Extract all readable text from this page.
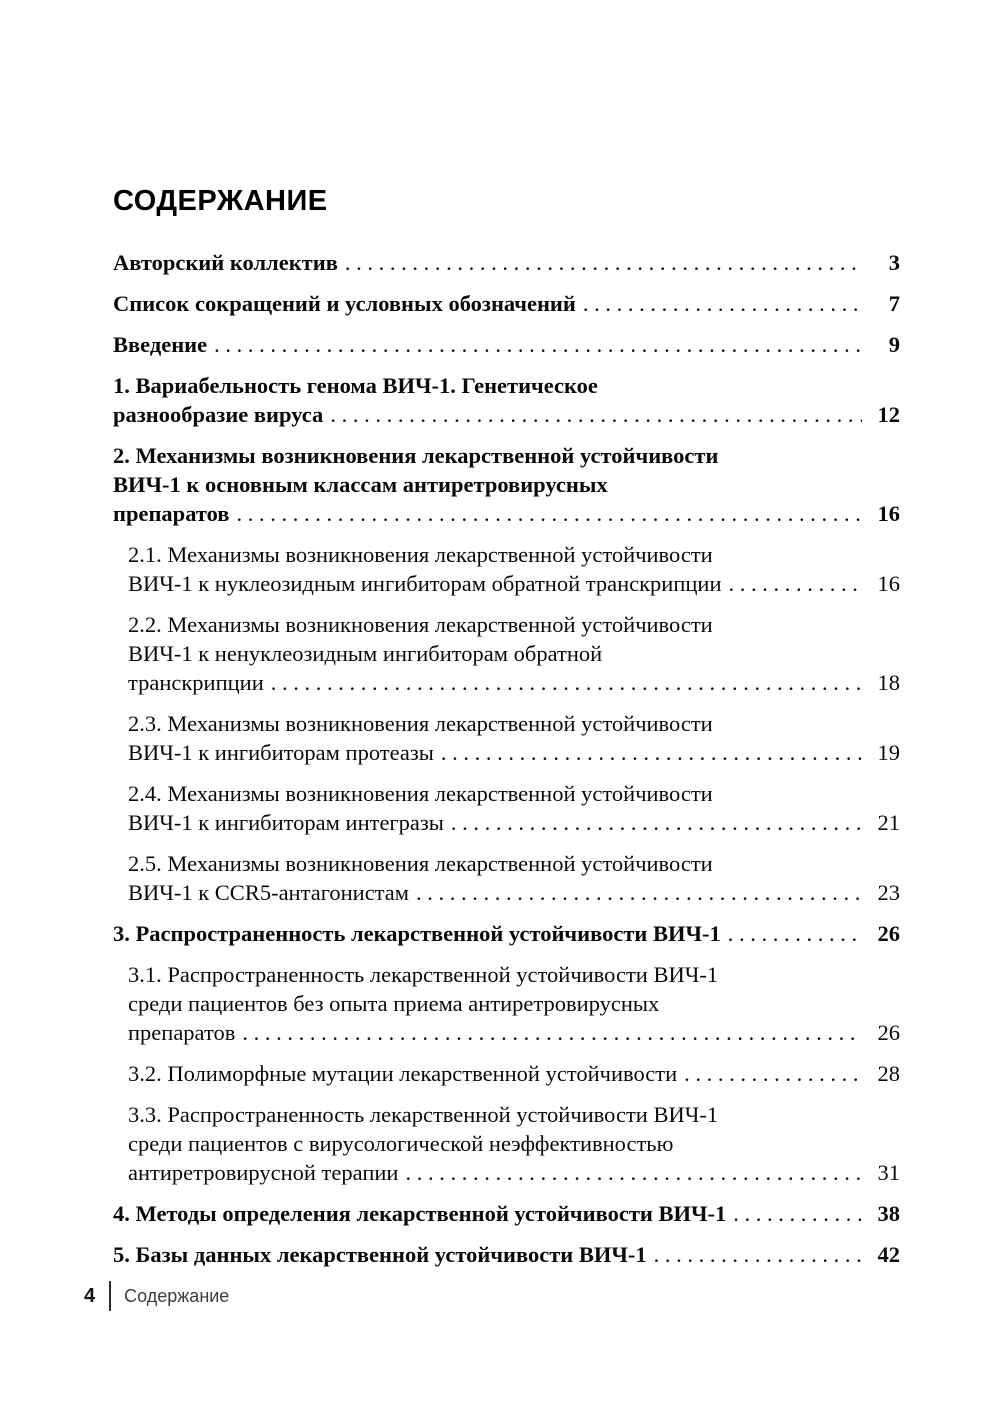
СОДЕРЖАНИЕ
Авторский коллектив . . .	3
Список сокращений и условных обозначений . . .	7
Введение . . .	9
1. Вариабельность генома ВИЧ-1. Генетическое
разнообразие вируса . . .	12
2. Механизмы возникновения лекарственной устойчивости
ВИЧ-1 к основным классам антиретровирусных
препаратов . . .	16
2.1. Механизмы возникновения лекарственной устойчивости
ВИЧ-1 к нуклеозидным ингибиторам обратной транскрипции . . .	16
2.2. Механизмы возникновения лекарственной устойчивости
ВИЧ-1 к ненуклеозидным ингибиторам обратной
транскрипции . . .	18
2.3. Механизмы возникновения лекарственной устойчивости
ВИЧ-1 к ингибиторам протеазы . . .	19
2.4. Механизмы возникновения лекарственной устойчивости
ВИЧ-1 к ингибиторам интегразы . . .	21
2.5. Механизмы возникновения лекарственной устойчивости
ВИЧ-1 к CCR5-антагонистам . . .	23
3. Распространенность лекарственной устойчивости ВИЧ-1 . . .	26
3.1. Распространенность лекарственной устойчивости ВИЧ-1
среди пациентов без опыта приема антиретровирусных
препаратов . . .	26
3.2. Полиморфные мутации лекарственной устойчивости . . .	28
3.3. Распространенность лекарственной устойчивости ВИЧ-1
среди пациентов с вирусологической неэффективностью
антиретровирусной терапии . . .	31
4. Методы определения лекарственной устойчивости ВИЧ-1 . . .	38
5. Базы данных лекарственной устойчивости ВИЧ-1 . . .	42
4 Содержание
